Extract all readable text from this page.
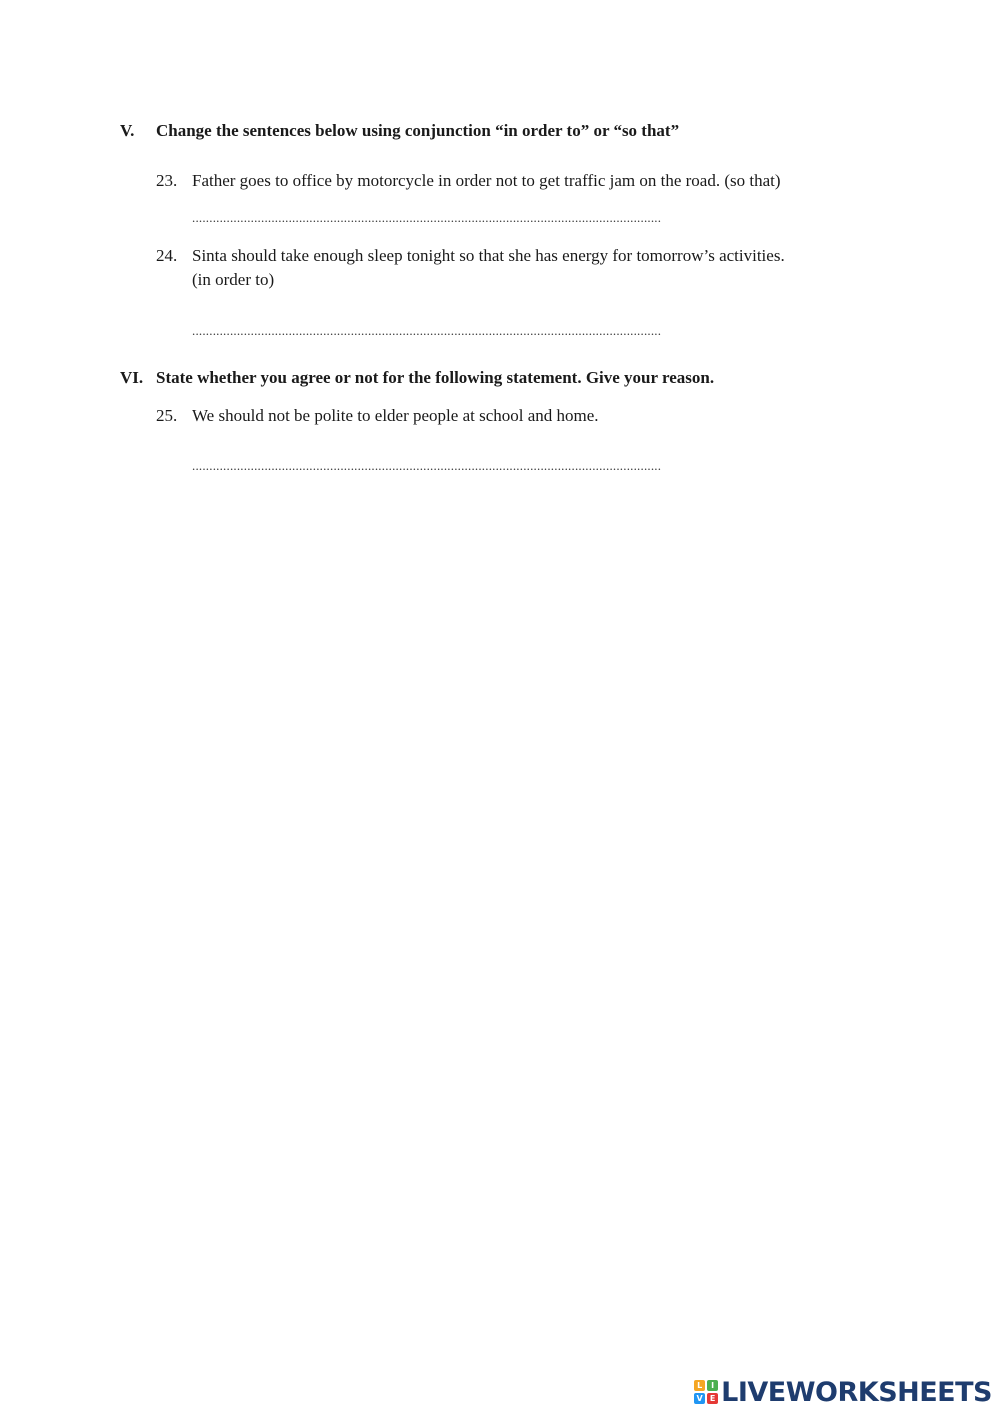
V. Change the sentences below using conjunction “in order to” or “so that”
23. Father goes to office by motorcycle in order not to get traffic jam on the road. (so that)
........................................................................................................................................
24. Sinta should take enough sleep tonight so that she has energy for tomorrow’s activities.
(in order to)
........................................................................................................................................
VI. State whether you agree or not for the following statement. Give your reason.
25. We should not be polite to elder people at school and home.
........................................................................................................................................
L	I
V E LIVEWORKSHEETS
